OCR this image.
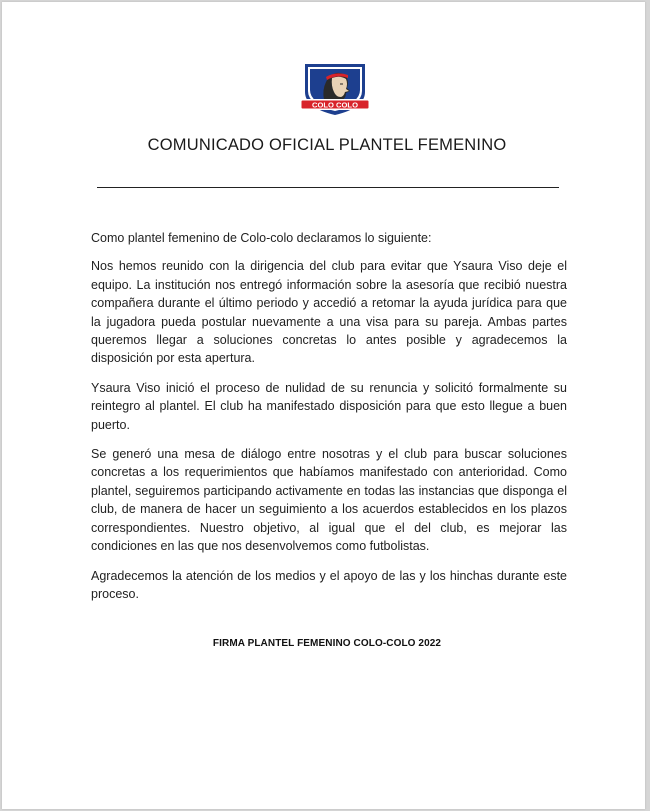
COLO COLO
COMUNICADO OFICIAL PLANTEL FEMENINO

Como plantel femenino de Colo-colo declaramos lo siguiente:

Nos hemos reunido con la dirigencia del club para evitar que Ysaura Viso deje el equipo. La institución nos entregó información sobre la asesoría que recibió nuestra compañera durante el último periodo y accedió a retomar la ayuda jurídica para que la jugadora pueda postular nuevamente a una visa para su pareja. Ambas partes queremos llegar a soluciones concretas lo antes posible y agradecemos la disposición por esta apertura.

Ysaura Viso inició el proceso de nulidad de su renuncia y solicitó formalmente su reintegro al plantel. El club ha manifestado disposición para que esto llegue a buen puerto.

Se generó una mesa de diálogo entre nosotras y el club para buscar soluciones concretas a los requerimientos que habíamos manifestado con anterioridad. Como plantel, seguiremos participando activamente en todas las instancias que disponga el club, de manera de hacer un seguimiento a los acuerdos establecidos en los plazos correspondientes. Nuestro objetivo, al igual que el del club, es mejorar las condiciones en las que nos desenvolvemos como futbolistas.

Agradecemos la atención de los medios y el apoyo de las y los hinchas durante este proceso.

FIRMA PLANTEL FEMENINO COLO-COLO 2022
